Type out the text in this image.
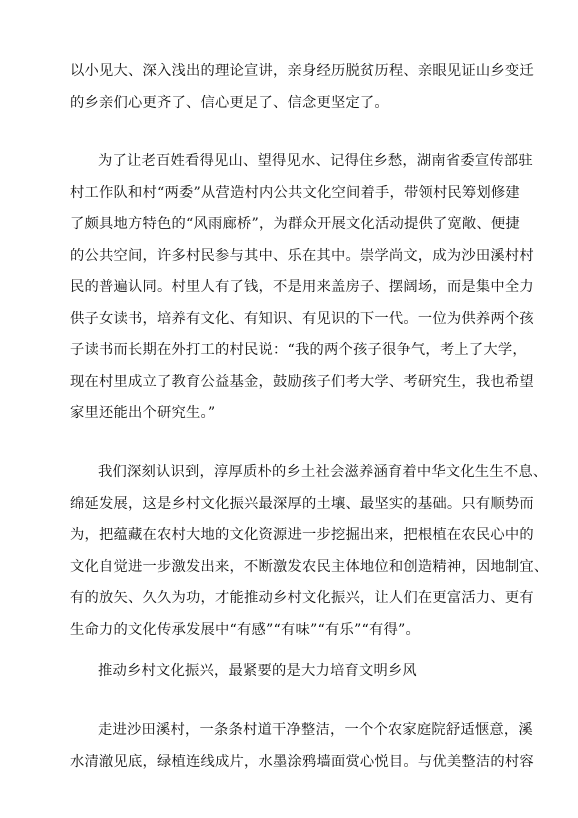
以小见大、深入浅出的理论宣讲，亲身经历脱贫历程、亲眼见证山乡变迁
的乡亲们心更齐了、信心更足了、信念更坚定了。

为了让老百姓看得见山、望得见水、记得住乡愁，湖南省委宣传部驻
村工作队和村“两委”从营造村内公共文化空间着手，带领村民筹划修建
了颇具地方特色的“风雨廊桥”，为群众开展文化活动提供了宽敞、便捷
的公共空间，许多村民参与其中、乐在其中。崇学尚文，成为沙田溪村村
民的普遍认同。村里人有了钱，不是用来盖房子、摆阔场，而是集中全力
供子女读书，培养有文化、有知识、有见识的下一代。一位为供养两个孩
子读书而长期在外打工的村民说：“我的两个孩子很争气，考上了大学，
现在村里成立了教育公益基金，鼓励孩子们考大学、考研究生，我也希望
家里还能出个研究生。”

我们深刻认识到，淳厚质朴的乡土社会滋养涵育着中华文化生生不息、
绵延发展，这是乡村文化振兴最深厚的土壤、最坚实的基础。只有顺势而
为，把蕴藏在农村大地的文化资源进一步挖掘出来，把根植在农民心中的
文化自觉进一步激发出来，不断激发农民主体地位和创造精神，因地制宜、
有的放矢、久久为功，才能推动乡村文化振兴，让人们在更富活力、更有
生命力的文化传承发展中“有感”“有味”“有乐”“有得”。

推动乡村文化振兴，最紧要的是大力培育文明乡风

走进沙田溪村，一条条村道干净整洁，一个个农家庭院舒适惬意，溪
水清澈见底，绿植连线成片，水墨涂鸦墙面赏心悦目。与优美整洁的村容
